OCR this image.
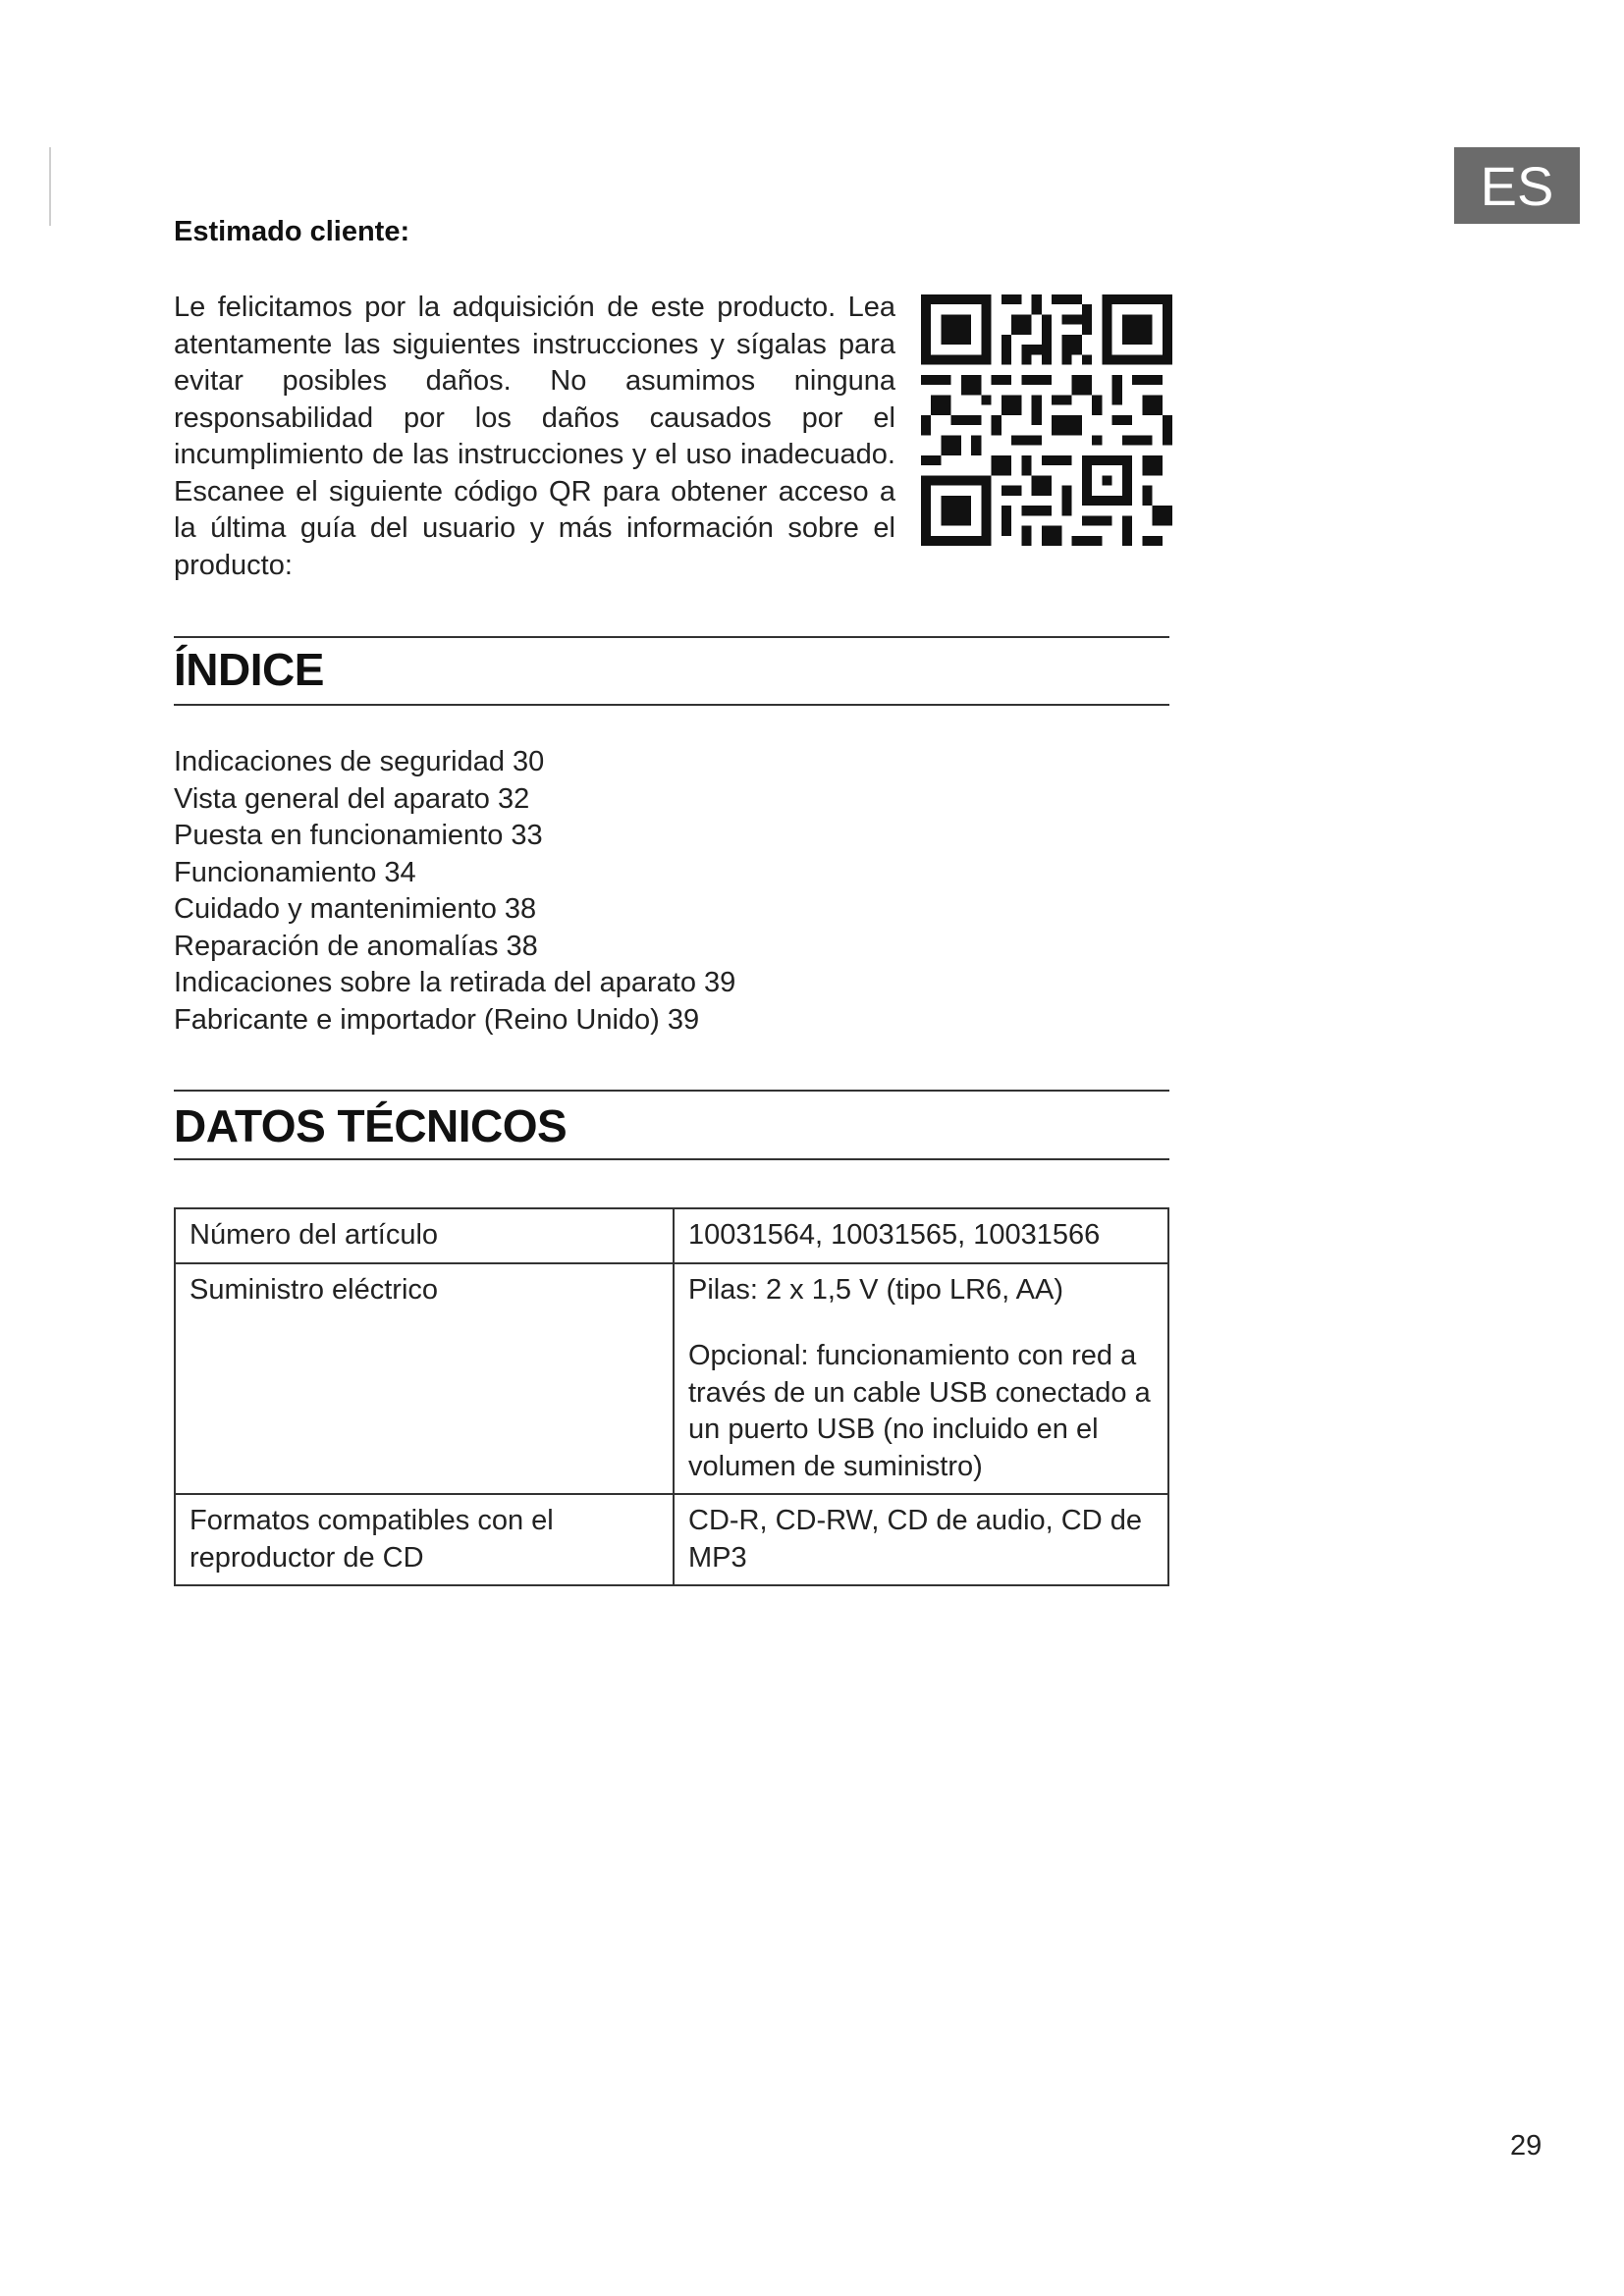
ES
Estimado cliente:
Le felicitamos por la adquisición de este producto. Lea atentamente las siguientes instrucciones y sígalas para evitar posibles daños. No asumimos ninguna responsabilidad por los daños causados por el incumplimiento de las instrucciones y el uso inadecuado. Escanee el siguiente código QR para obtener acceso a la última guía del usuario y más información sobre el producto:
ÍNDICE
Indicaciones de seguridad 30
Vista general del aparato 32
Puesta en funcionamiento 33
Funcionamiento 34
Cuidado y mantenimiento 38
Reparación de anomalías 38
Indicaciones sobre la retirada del aparato 39
Fabricante e importador (Reino Unido) 39
DATOS TÉCNICOS
Número del artículo	10031564, 10031565, 10031566
Suministro eléctrico	Pilas: 2 x 1,5 V (tipo LR6, AA)
Opcional: funcionamiento con red a través de un cable USB conectado a un puerto USB (no incluido en el volumen de suministro)

Formatos compatibles con el reproductor de CD	CD-R, CD-RW, CD de audio, CD de MP3
29
